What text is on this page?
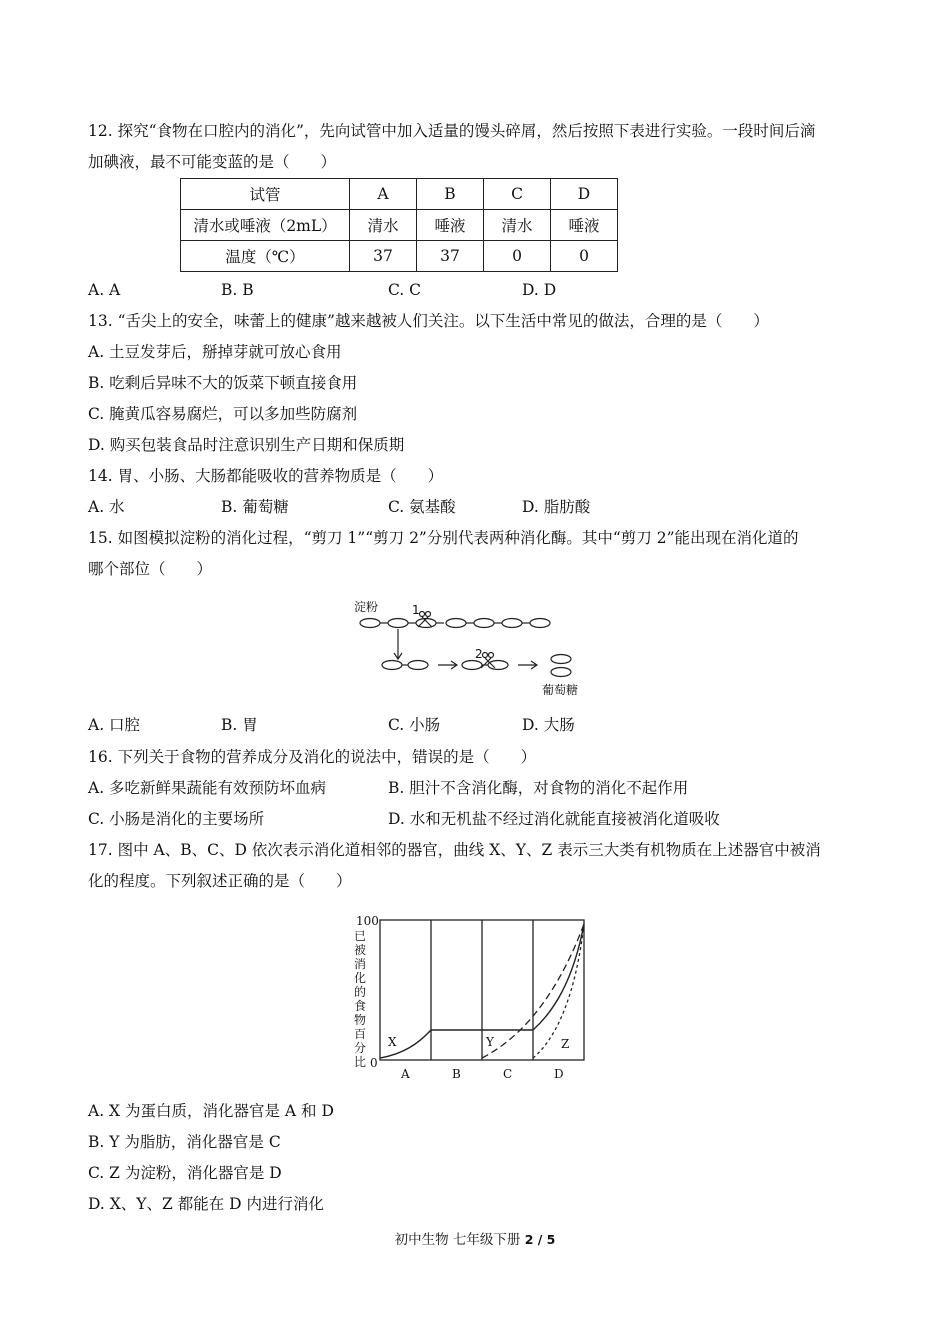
12. 探究“食物在口腔内的消化”，先向试管中加入适量的馒头碎屑，然后按照下表进行实验。一段时间后滴
加碘液，最不可能变蓝的是（　　）
试管	A	B	C	D
清水或唾液（2mL）	清水	唾液	清水	唾液
温度（℃）	37	37	0	0
A. A	B. B	C. C	D. D
13. “舌尖上的安全，味蕾上的健康”越来越被人们关注。以下生活中常见的做法，合理的是（　　）
A. 土豆发芽后，掰掉芽就可放心食用
B. 吃剩后异味不大的饭菜下顿直接食用
C. 腌黄瓜容易腐烂，可以多加些防腐剂
D. 购买包装食品时注意识别生产日期和保质期
14. 胃、小肠、大肠都能吸收的营养物质是（　　）
A. 水	B. 葡萄糖	C. 氨基酸	D. 脂肪酸
15. 如图模拟淀粉的消化过程，“剪刀 1”“剪刀 2”分别代表两种消化酶。其中“剪刀 2”能出现在消化道的
哪个部位（　　）
淀粉	1
2
葡萄糖
A. 口腔	B. 胃	C. 小肠	D. 大肠
16. 下列关于食物的营养成分及消化的说法中，错误的是（　　）
A. 多吃新鲜果蔬能有效预防坏血病	B. 胆汁不含消化酶，对食物的消化不起作用
C. 小肠是消化的主要场所	D. 水和无机盐不经过消化就能直接被消化道吸收
17. 图中 A、B、C、D 依次表示消化道相邻的器官，曲线 X、Y、Z 表示三大类有机物质在上述器官中被消
化的程度。下列叙述正确的是（　　）
100
0
已
被
消
化
的
食
物
百
分
比
A	B	C	D
X	Y	Z
A. X 为蛋白质，消化器官是 A 和 D
B. Y 为脂肪，消化器官是 C
C. Z 为淀粉，消化器官是 D
D. X、Y、Z 都能在 D 内进行消化
初中生物 七年级下册 2 / 5
